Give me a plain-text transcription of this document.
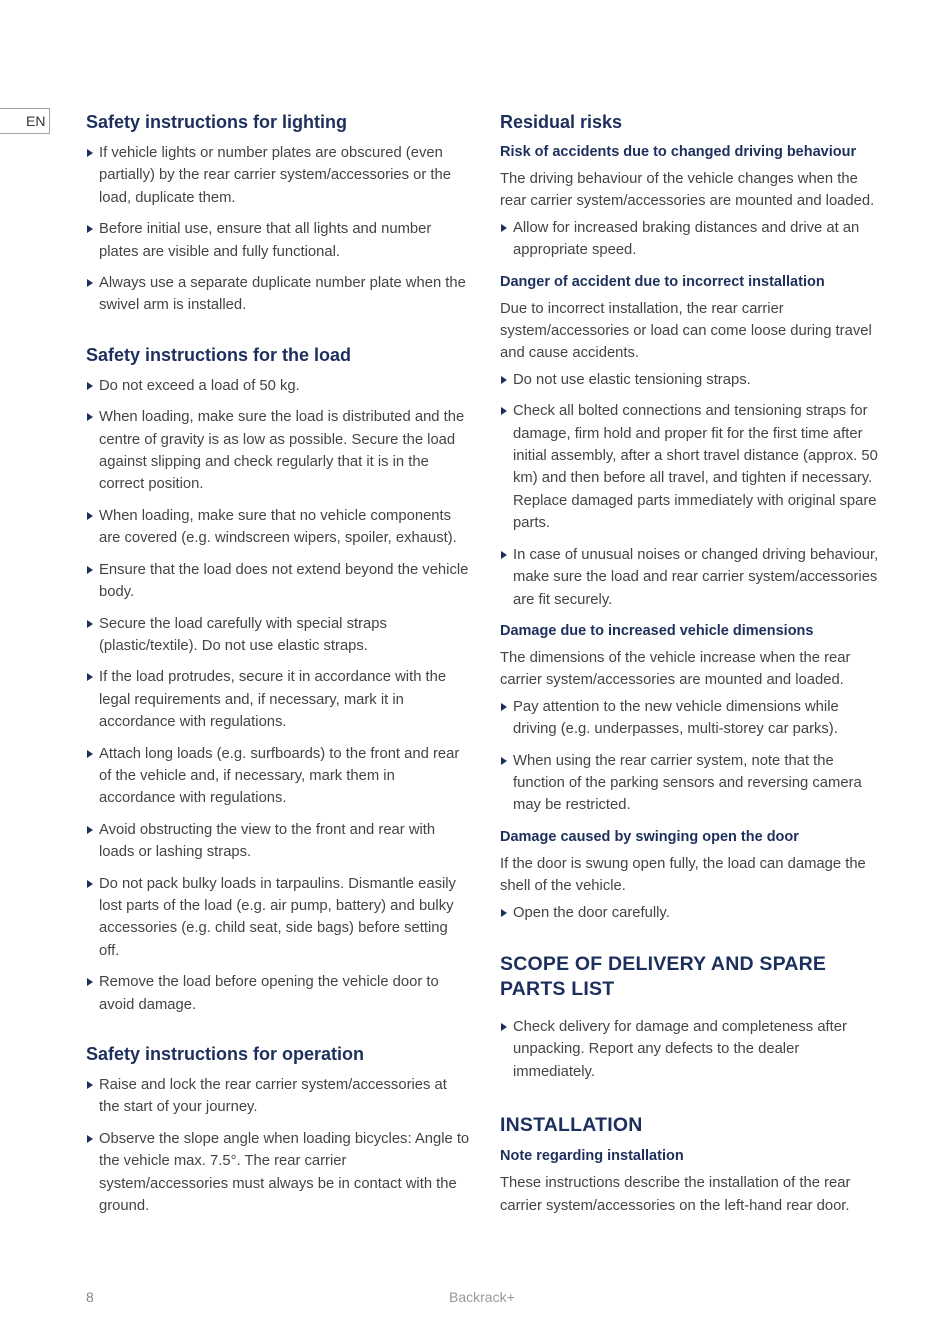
EN Safety instructions for lighting
If vehicle lights or number plates are obscured (even partially) by the rear carrier system/accessories or the load, duplicate them.
Before initial use, ensure that all lights and number plates are visible and fully functional.
Always use a separate duplicate number plate when the swivel arm is installed.
Safety instructions for the load
Do not exceed a load of 50 kg.
When loading, make sure the load is distributed and the centre of gravity is as low as possible. Secure the load against slipping and check regularly that it is in the correct position.
When loading, make sure that no vehicle components are covered (e.g. windscreen wipers, spoiler, exhaust).
Ensure that the load does not extend beyond the vehicle body.
Secure the load carefully with special straps (plastic/textile). Do not use elastic straps.
If the load protrudes, secure it in accordance with the legal requirements and, if necessary, mark it in accordance with regulations.
Attach long loads (e.g. surfboards) to the front and rear of the vehicle and, if necessary, mark them in accordance with regulations.
Avoid obstructing the view to the front and rear with loads or lashing straps.
Do not pack bulky loads in tarpaulins. Dismantle easily lost parts of the load (e.g. air pump, battery) and bulky accessories (e.g. child seat, side bags) before setting off.
Remove the load before opening the vehicle door to avoid damage.
Safety instructions for operation
Raise and lock the rear carrier system/accessories at the start of your journey.
Observe the slope angle when loading bicycles: Angle to the vehicle max. 7.5°. The rear carrier system/accessories must always be in contact with the ground.
Residual risks
Risk of accidents due to changed driving behaviour

The driving behaviour of the vehicle changes when the rear carrier system/accessories are mounted and loaded.

Allow for increased braking distances and drive at an appropriate speed.
Danger of accident due to incorrect installation

Due to incorrect installation, the rear carrier system/accessories or load can come loose during travel and cause accidents.

Do not use elastic tensioning straps.
Check all bolted connections and tensioning straps for damage, firm hold and proper fit for the first time after initial assembly, after a short travel distance (approx. 50 km) and then before all travel, and tighten if necessary. Replace damaged parts immediately with original spare parts.
In case of unusual noises or changed driving behaviour, make sure the load and rear carrier system/accessories are fit securely.
Damage due to increased vehicle dimensions

The dimensions of the vehicle increase when the rear carrier system/accessories are mounted and loaded.

Pay attention to the new vehicle dimensions while driving (e.g. underpasses, multi-storey car parks).
When using the rear carrier system, note that the function of the parking sensors and reversing camera may be restricted.
Damage caused by swinging open the door

If the door is swung open fully, the load can damage the shell of the vehicle.

Open the door carefully.
SCOPE OF DELIVERY AND SPARE PARTS LIST
Check delivery for damage and completeness after unpacking. Report any defects to the dealer immediately.
INSTALLATION
Note regarding installation

These instructions describe the installation of the rear carrier system/accessories on the left-hand rear door.

8	Backrack+
